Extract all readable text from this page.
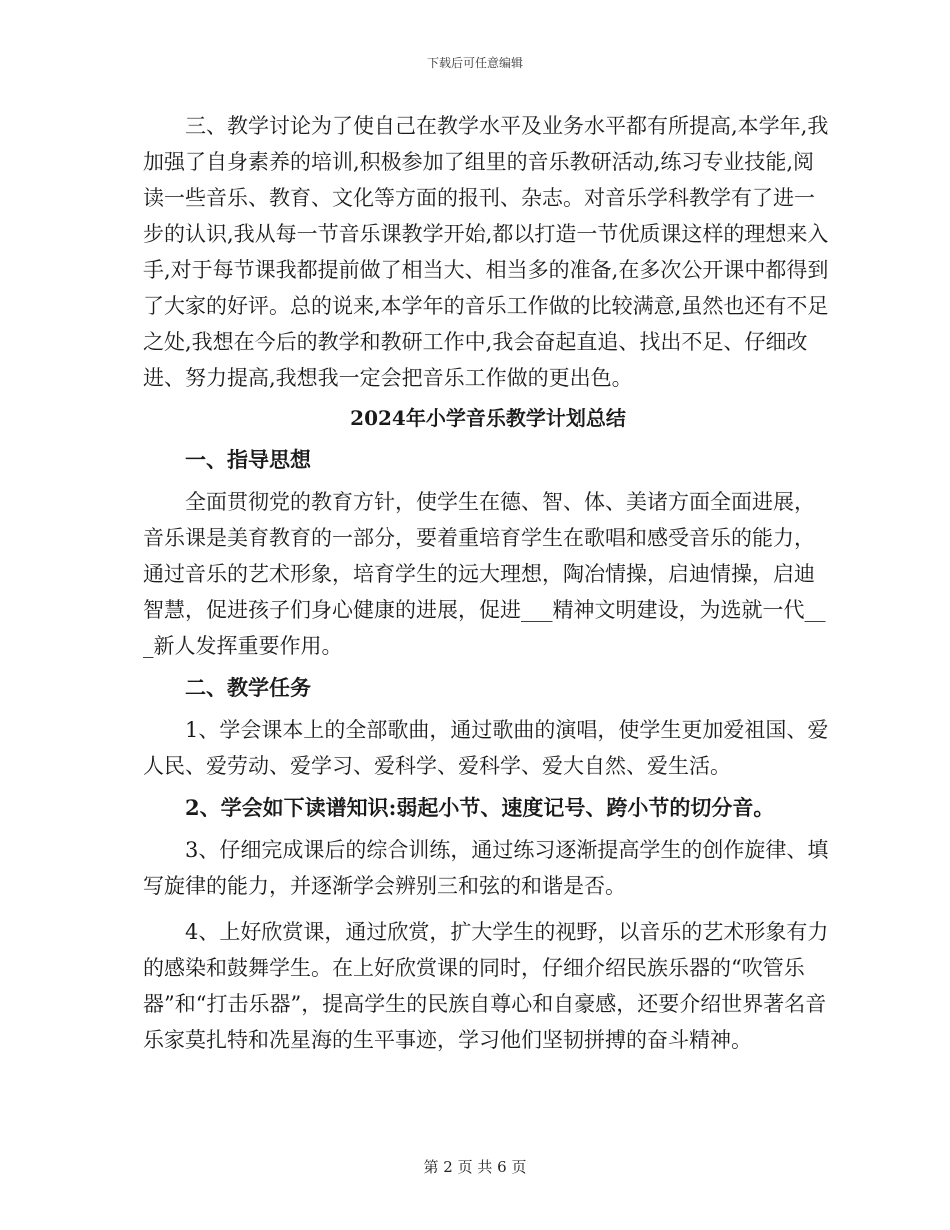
下载后可任意编辑

三、教学讨论为了使自己在教学水平及业务水平都有所提高,本学年,我加强了自身素养的培训,积极参加了组里的音乐教研活动,练习专业技能,阅读一些音乐、教育、文化等方面的报刊、杂志。对音乐学科教学有了进一步的认识,我从每一节音乐课教学开始,都以打造一节优质课这样的理想来入手,对于每节课我都提前做了相当大、相当多的准备,在多次公开课中都得到了大家的好评。总的说来,本学年的音乐工作做的比较满意,虽然也还有不足之处,我想在今后的教学和教研工作中,我会奋起直追、找出不足、仔细改进、努力提高,我想我一定会把音乐工作做的更出色。

2024年小学音乐教学计划总结
一、指导思想

全面贯彻党的教育方针，使学生在德、智、体、美诸方面全面进展，音乐课是美育教育的一部分，要着重培育学生在歌唱和感受音乐的能力，通过音乐的艺术形象，培育学生的远大理想，陶冶情操，启迪情操，启迪智慧，促进孩子们身心健康的进展，促进___精神文明建设，为选就一代___新人发挥重要作用。

二、教学任务

1、学会课本上的全部歌曲，通过歌曲的演唱，使学生更加爱祖国、爱人民、爱劳动、爱学习、爱科学、爱科学、爱大自然、爱生活。

2、学会如下读谱知识:弱起小节、速度记号、跨小节的切分音。

3、仔细完成课后的综合训练，通过练习逐渐提高学生的创作旋律、填写旋律的能力，并逐渐学会辨别三和弦的和谐是否。

4、上好欣赏课，通过欣赏，扩大学生的视野，以音乐的艺术形象有力的感染和鼓舞学生。在上好欣赏课的同时，仔细介绍民族乐器的“吹管乐器”和“打击乐器”，提高学生的民族自尊心和自豪感，还要介绍世界著名音乐家莫扎特和冼星海的生平事迹，学习他们坚韧拼搏的奋斗精神。

第 2 页 共 6 页
